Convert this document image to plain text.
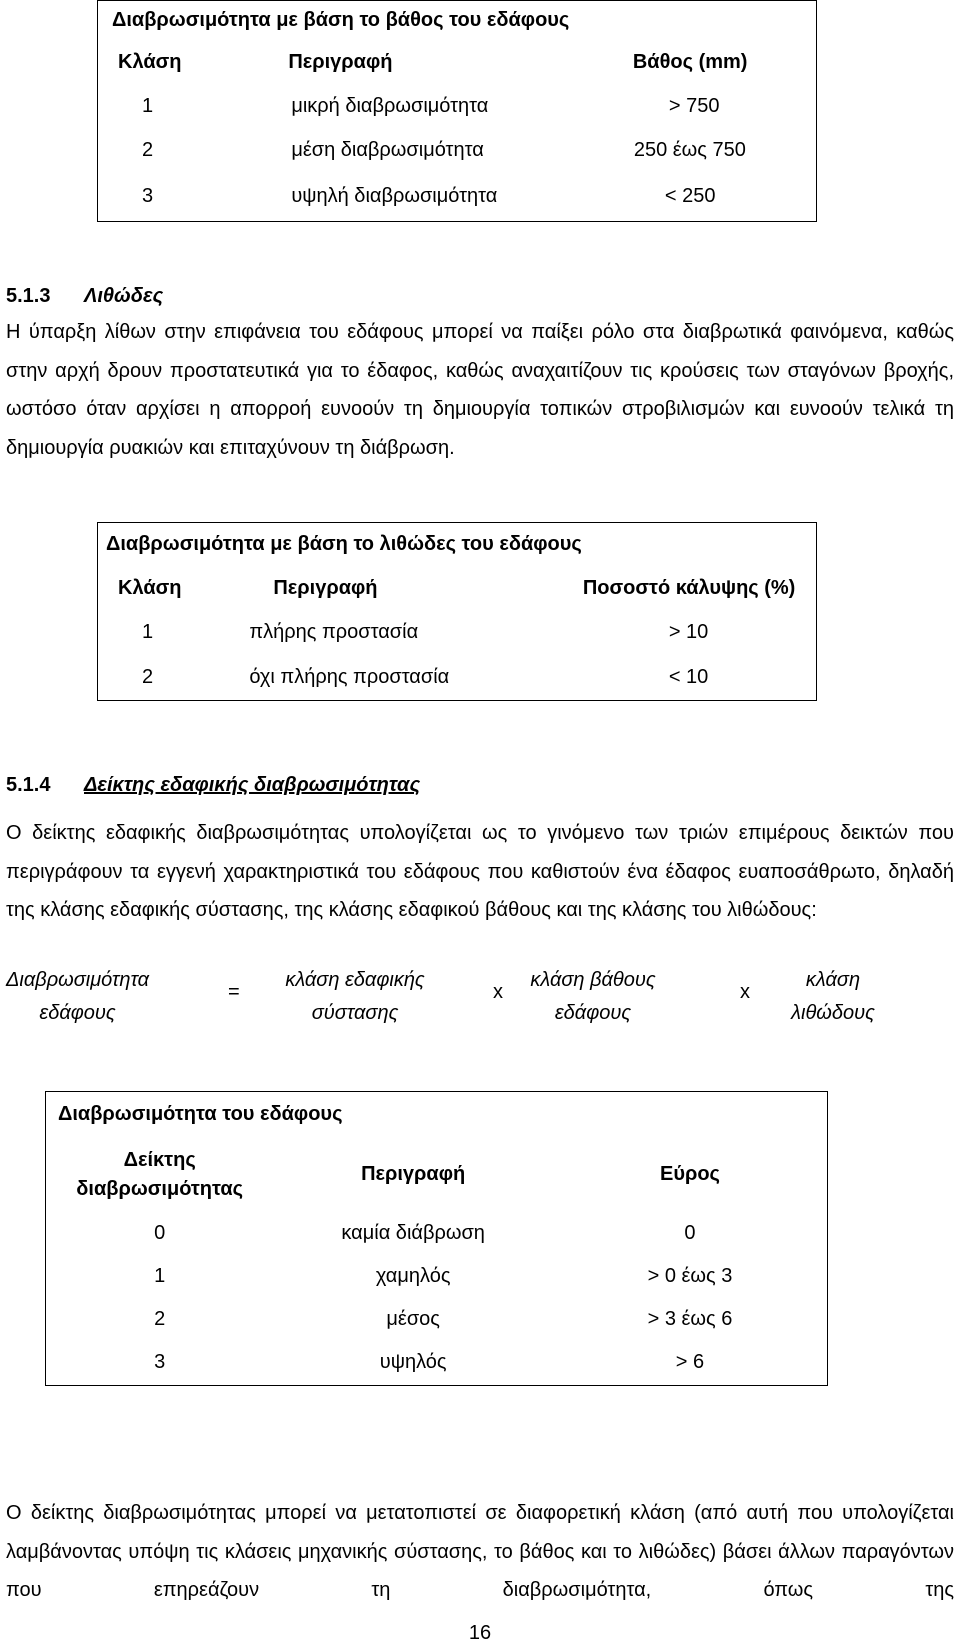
Διαβρωσιμότητα με βάση το βάθος του εδάφους		
Κλάση	Περιγραφή	Βάθος (mm)
1	μικρή διαβρωσιμότητα	> 750
2	μέση διαβρωσιμότητα	250 έως 750
3	υψηλή διαβρωσιμότητα	< 250
5.1.3 Λιθώδες

Η ύπαρξη λίθων στην επιφάνεια του εδάφους μπορεί να παίξει ρόλο στα διαβρωτικά φαινόμενα, καθώς στην αρχή δρουν προστατευτικά για το έδαφος, καθώς αναχαιτίζουν τις κρούσεις των σταγόνων βροχής, ωστόσο όταν αρχίσει η απορροή ευνοούν τη δημιουργία τοπικών στροβιλισμών και ευνοούν τελικά τη δημιουργία ρυακιών και επιταχύνουν τη διάβρωση.

Διαβρωσιμότητα με βάση το λιθώδες του εδάφους		
Κλάση	Περιγραφή	Ποσοστό κάλυψης (%)
1	πλήρης προστασία	> 10
2	όχι πλήρης προστασία	< 10
5.1.4 Δείκτης εδαφικής διαβρωσιμότητας

Ο δείκτης εδαφικής διαβρωσιμότητας υπολογίζεται ως το γινόμενο των τριών επιμέρους δεικτών που περιγράφουν τα εγγενή χαρακτηριστικά του εδάφους που καθιστούν ένα έδαφος ευαποσάθρωτο, δηλαδή της κλάσης εδαφικής σύστασης, της κλάσης εδαφικού βάθους και της κλάσης του λιθώδους:

Διαβρωσιμότητα
εδάφους
=
κλάση εδαφικής
σύστασης
x
κλάση βάθους
εδάφους
x
κλάση
λιθώδους
Διαβρωσιμότητα του εδάφους		

Δείκτης
διαβρωσιμότητας	Περιγραφή	Εύρος
0	καμία διάβρωση	0
1	χαμηλός	> 0 έως 3
2	μέσος	> 3 έως 6
3	υψηλός	> 6

Ο δείκτης διαβρωσιμότητας μπορεί να μετατοπιστεί σε διαφορετική κλάση (από αυτή που υπολογίζεται λαμβάνοντας υπόψη τις κλάσεις μηχανικής σύστασης, το βάθος και το λιθώδες) βάσει άλλων παραγόντων που επηρεάζουν τη διαβρωσιμότητα, όπως της

16
